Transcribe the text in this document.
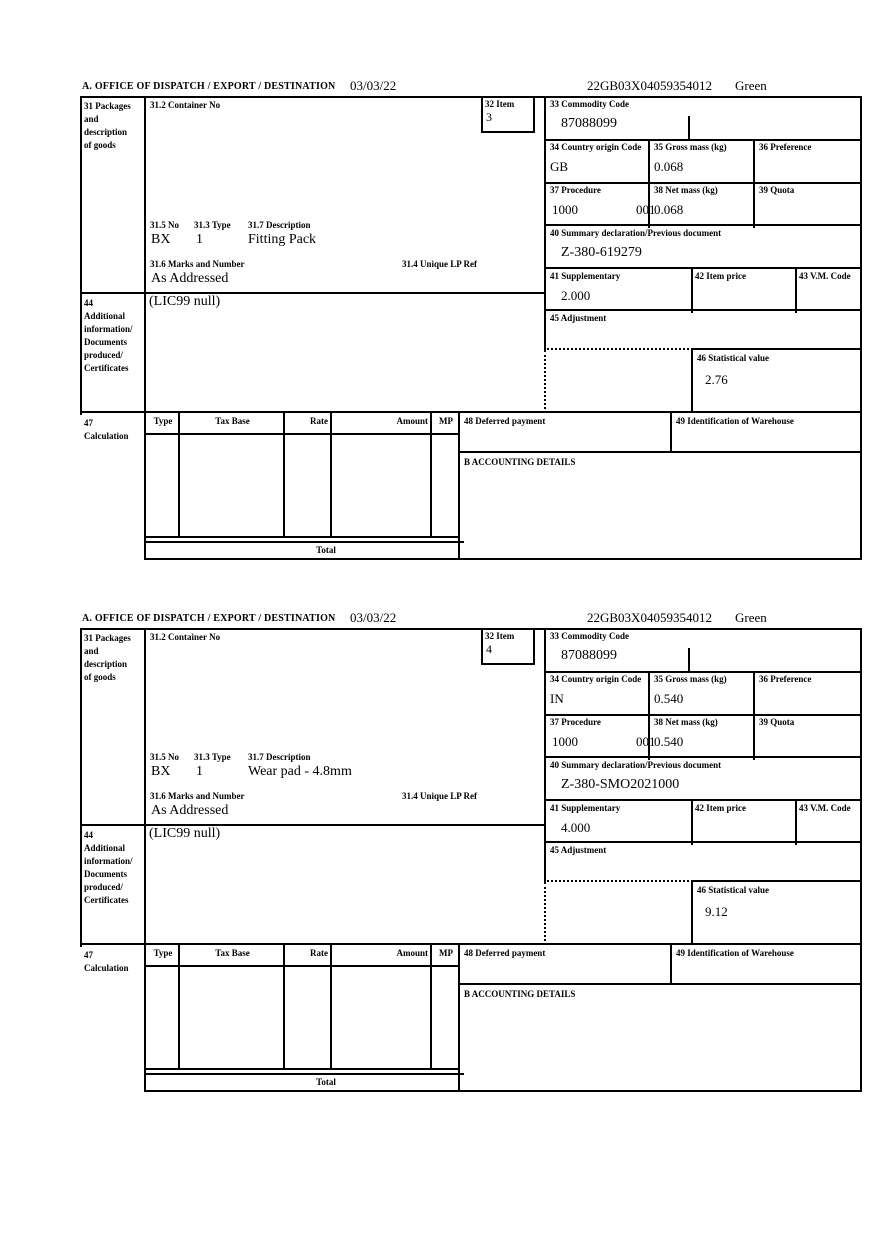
A. OFFICE OF DISPATCH / EXPORT / DESTINATION 03/03/22	22GB03X04059354012 Green
31 Packages
and
description
of goods
31.2 Container No	32 Item
3
33 Commodity Code
87088099
34 Country origin Code
GB
35 Gross mass (kg)
0.068
36 Preference
37 Procedure
1000	001
38 Net mass (kg)
0.068
39 Quota
40 Summary declaration/Previous document
Z-380-619279
41 Supplementary
2.000
42 Item price	43 V.M. Code
45 Adjustment
46 Statistical value
2.76
31.5 No 31.3 Type 31.7 Description
BX 1	Fitting Pack
31.6 Marks and Number	31.4 Unique LP Ref
As Addressed
44
Additional
information/
Documents
produced/
Certificates
(LIC99 null)
47
Calculation
Type	Tax Base	Rate	Amount	MP
Total
48 Deferred payment	49 Identification of Warehouse
B ACCOUNTING DETAILS
A. OFFICE OF DISPATCH / EXPORT / DESTINATION 03/03/22	22GB03X04059354012 Green
31 Packages
and
description
of goods
31.2 Container No	32 Item
4
33 Commodity Code
87088099
34 Country origin Code
IN
35 Gross mass (kg)
0.540
36 Preference
37 Procedure
1000	001
38 Net mass (kg)
0.540
39 Quota
40 Summary declaration/Previous document
Z-380-SMO2021000
41 Supplementary
4.000
42 Item price	43 V.M. Code
45 Adjustment
46 Statistical value
9.12
31.5 No 31.3 Type 31.7 Description
BX 1	Wear pad - 4.8mm
31.6 Marks and Number	31.4 Unique LP Ref
As Addressed
44
Additional
information/
Documents
produced/
Certificates
(LIC99 null)
47
Calculation
Type	Tax Base	Rate	Amount	MP
Total
48 Deferred payment	49 Identification of Warehouse
B ACCOUNTING DETAILS
